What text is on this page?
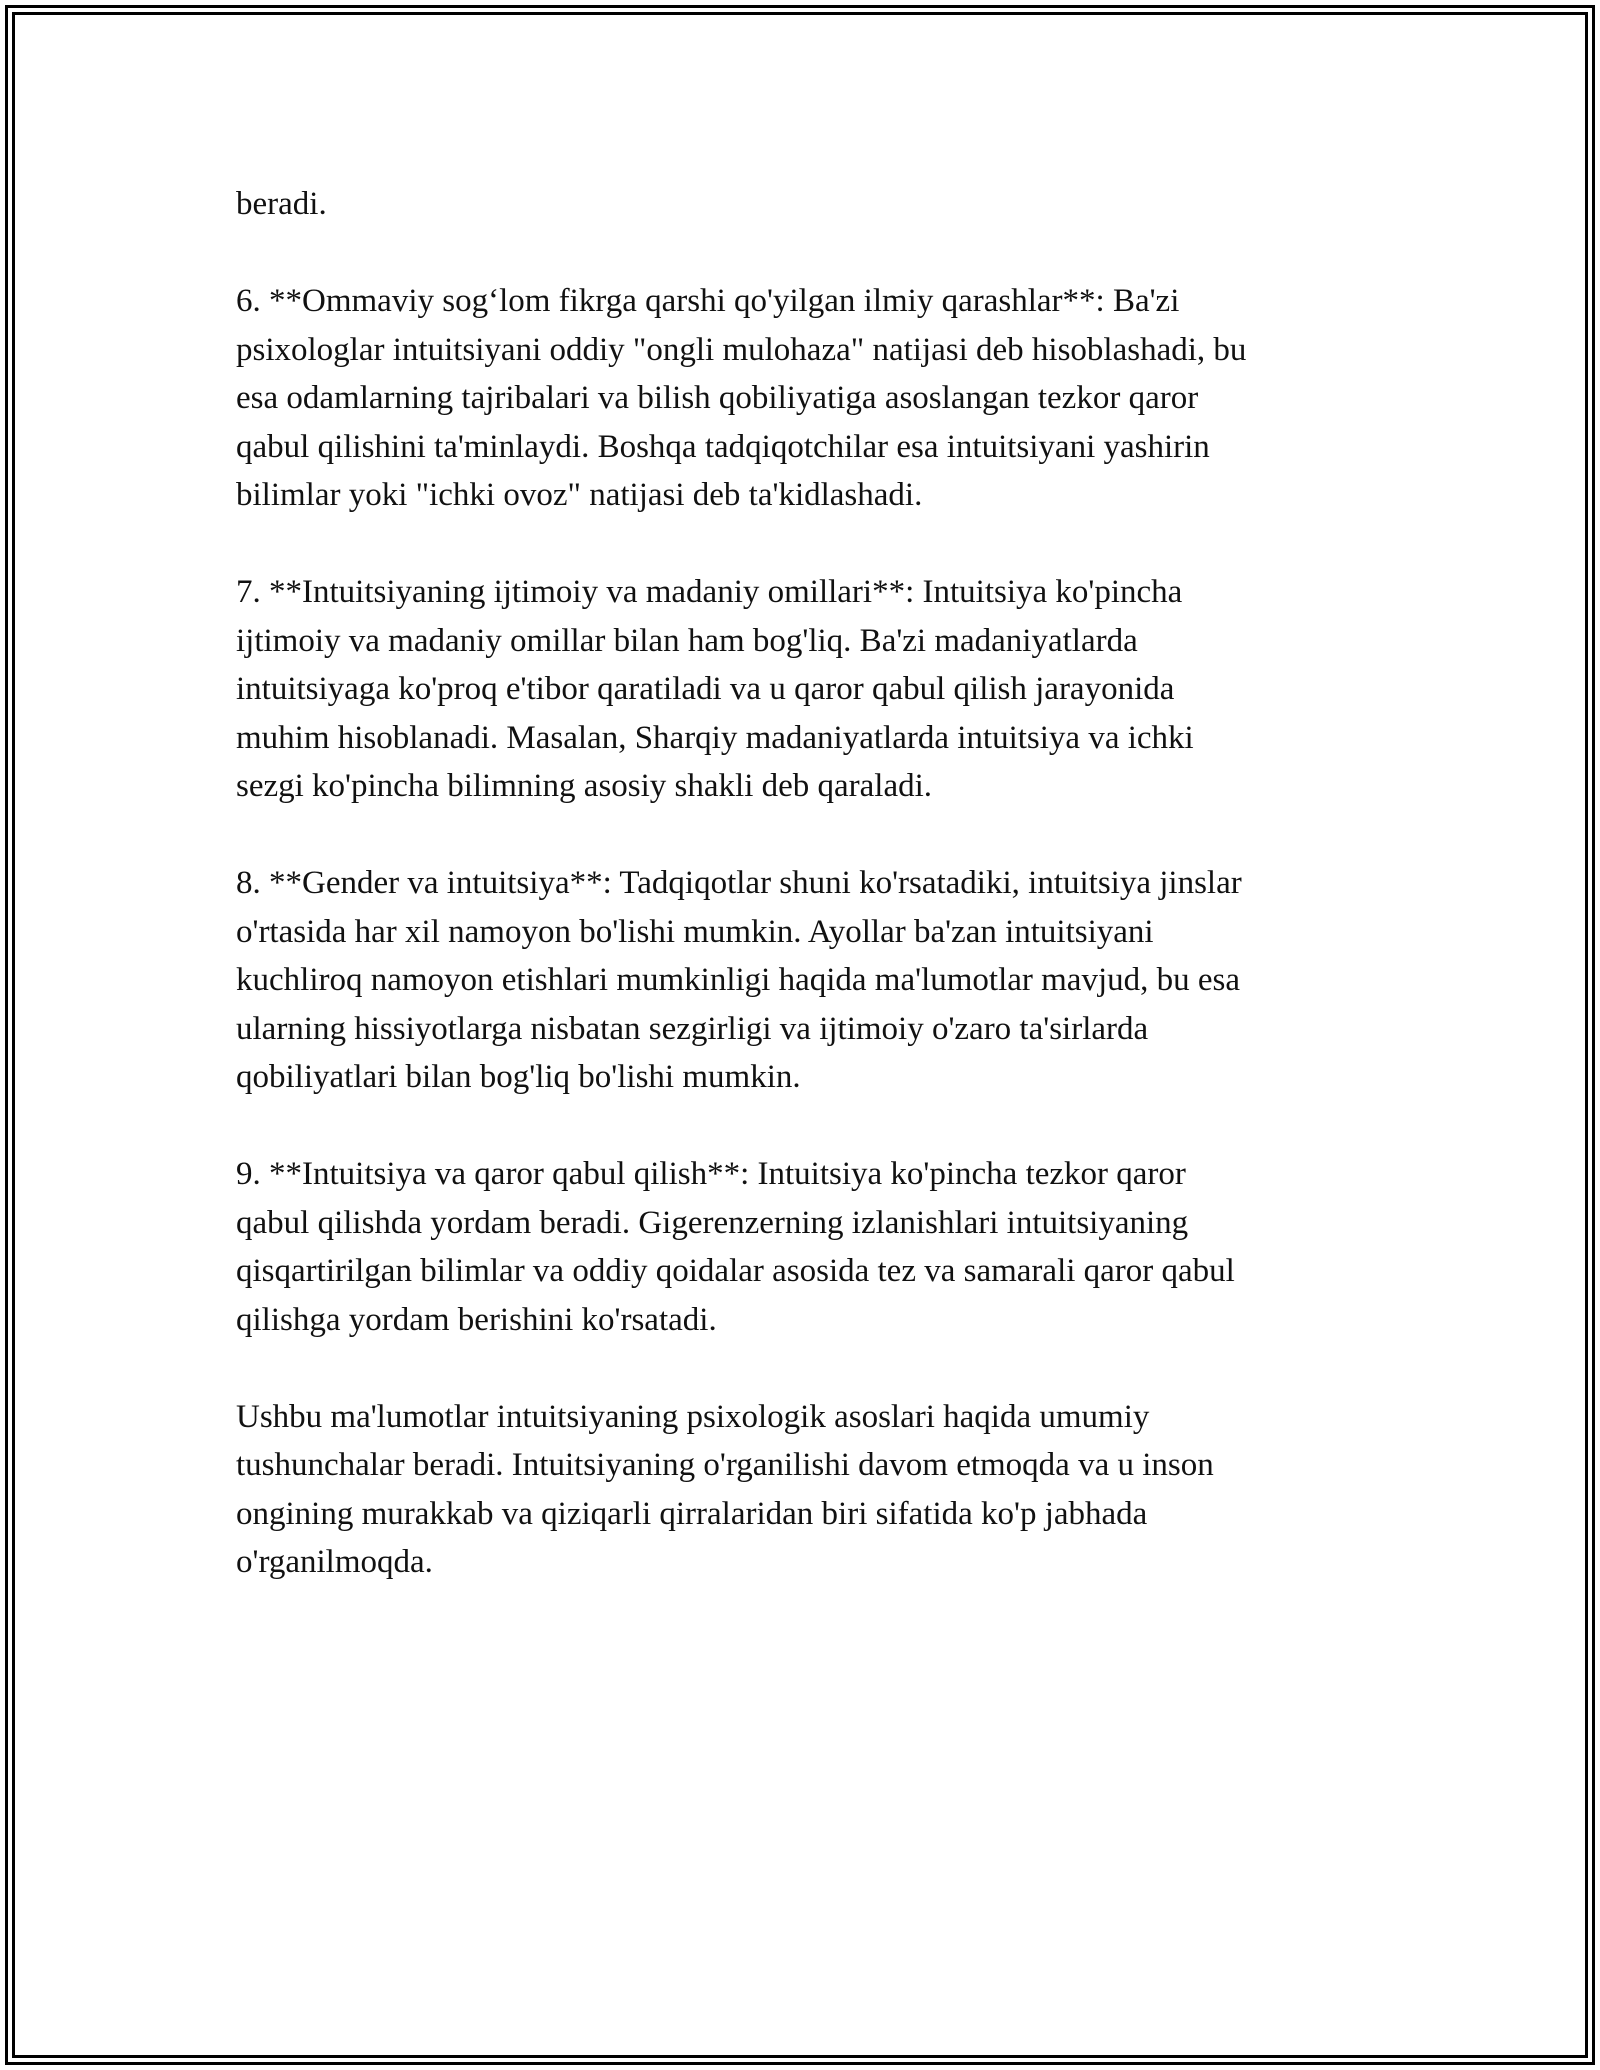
beradi.

6. **Ommaviy sog‘lom fikrga qarshi qo'yilgan ilmiy qarashlar**: Ba'zi
psixologlar intuitsiyani oddiy "ongli mulohaza" natijasi deb hisoblashadi, bu
esa odamlarning tajribalari va bilish qobiliyatiga asoslangan tezkor qaror
qabul qilishini ta'minlaydi. Boshqa tadqiqotchilar esa intuitsiyani yashirin
bilimlar yoki "ichki ovoz" natijasi deb ta'kidlashadi.

7. **Intuitsiyaning ijtimoiy va madaniy omillari**: Intuitsiya ko'pincha
ijtimoiy va madaniy omillar bilan ham bog'liq. Ba'zi madaniyatlarda
intuitsiyaga ko'proq e'tibor qaratiladi va u qaror qabul qilish jarayonida
muhim hisoblanadi. Masalan, Sharqiy madaniyatlarda intuitsiya va ichki
sezgi ko'pincha bilimning asosiy shakli deb qaraladi.

8. **Gender va intuitsiya**: Tadqiqotlar shuni ko'rsatadiki, intuitsiya jinslar
o'rtasida har xil namoyon bo'lishi mumkin. Ayollar ba'zan intuitsiyani
kuchliroq namoyon etishlari mumkinligi haqida ma'lumotlar mavjud, bu esa
ularning hissiyotlarga nisbatan sezgirligi va ijtimoiy o'zaro ta'sirlarda
qobiliyatlari bilan bog'liq bo'lishi mumkin.

9. **Intuitsiya va qaror qabul qilish**: Intuitsiya ko'pincha tezkor qaror
qabul qilishda yordam beradi. Gigerenzerning izlanishlari intuitsiyaning
qisqartirilgan bilimlar va oddiy qoidalar asosida tez va samarali qaror qabul
qilishga yordam berishini ko'rsatadi.

Ushbu ma'lumotlar intuitsiyaning psixologik asoslari haqida umumiy
tushunchalar beradi. Intuitsiyaning o'rganilishi davom etmoqda va u inson
ongining murakkab va qiziqarli qirralaridan biri sifatida ko'p jabhada
o'rganilmoqda.
